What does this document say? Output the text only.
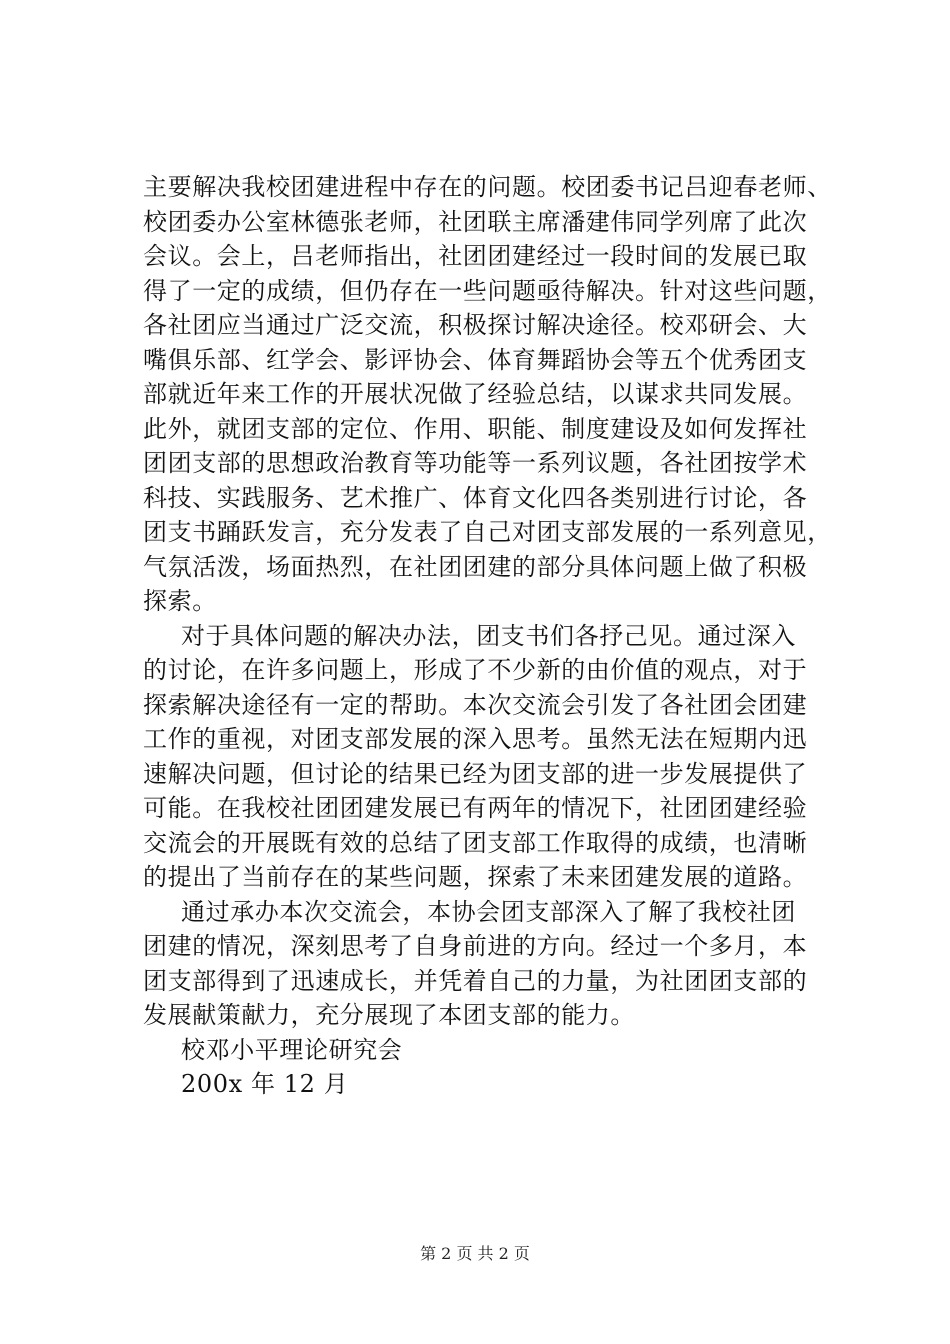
主要解决我校团建进程中存在的问题。校团委书记吕迎春老师、
校团委办公室林德张老师，社团联主席潘建伟同学列席了此次
会议。会上，吕老师指出，社团团建经过一段时间的发展已取
得了一定的成绩，但仍存在一些问题亟待解决。针对这些问题，
各社团应当通过广泛交流，积极探讨解决途径。校邓研会、大
嘴俱乐部、红学会、影评协会、体育舞蹈协会等五个优秀团支
部就近年来工作的开展状况做了经验总结，以谋求共同发展。
此外，就团支部的定位、作用、职能、制度建设及如何发挥社
团团支部的思想政治教育等功能等一系列议题，各社团按学术
科技、实践服务、艺术推广、体育文化四各类别进行讨论，各
团支书踊跃发言，充分发表了自己对团支部发展的一系列意见，
气氛活泼，场面热烈，在社团团建的部分具体问题上做了积极
探索。
对于具体问题的解决办法，团支书们各抒己见。通过深入
的讨论，在许多问题上，形成了不少新的由价值的观点，对于
探索解决途径有一定的帮助。本次交流会引发了各社团会团建
工作的重视，对团支部发展的深入思考。虽然无法在短期内迅
速解决问题，但讨论的结果已经为团支部的进一步发展提供了
可能。在我校社团团建发展已有两年的情况下，社团团建经验
交流会的开展既有效的总结了团支部工作取得的成绩，也清晰
的提出了当前存在的某些问题，探索了未来团建发展的道路。
通过承办本次交流会，本协会团支部深入了解了我校社团
团建的情况，深刻思考了自身前进的方向。经过一个多月，本
团支部得到了迅速成长，并凭着自己的力量，为社团团支部的
发展献策献力，充分展现了本团支部的能力。
校邓小平理论研究会
200x 年 12 月
第 2 页 共 2 页
